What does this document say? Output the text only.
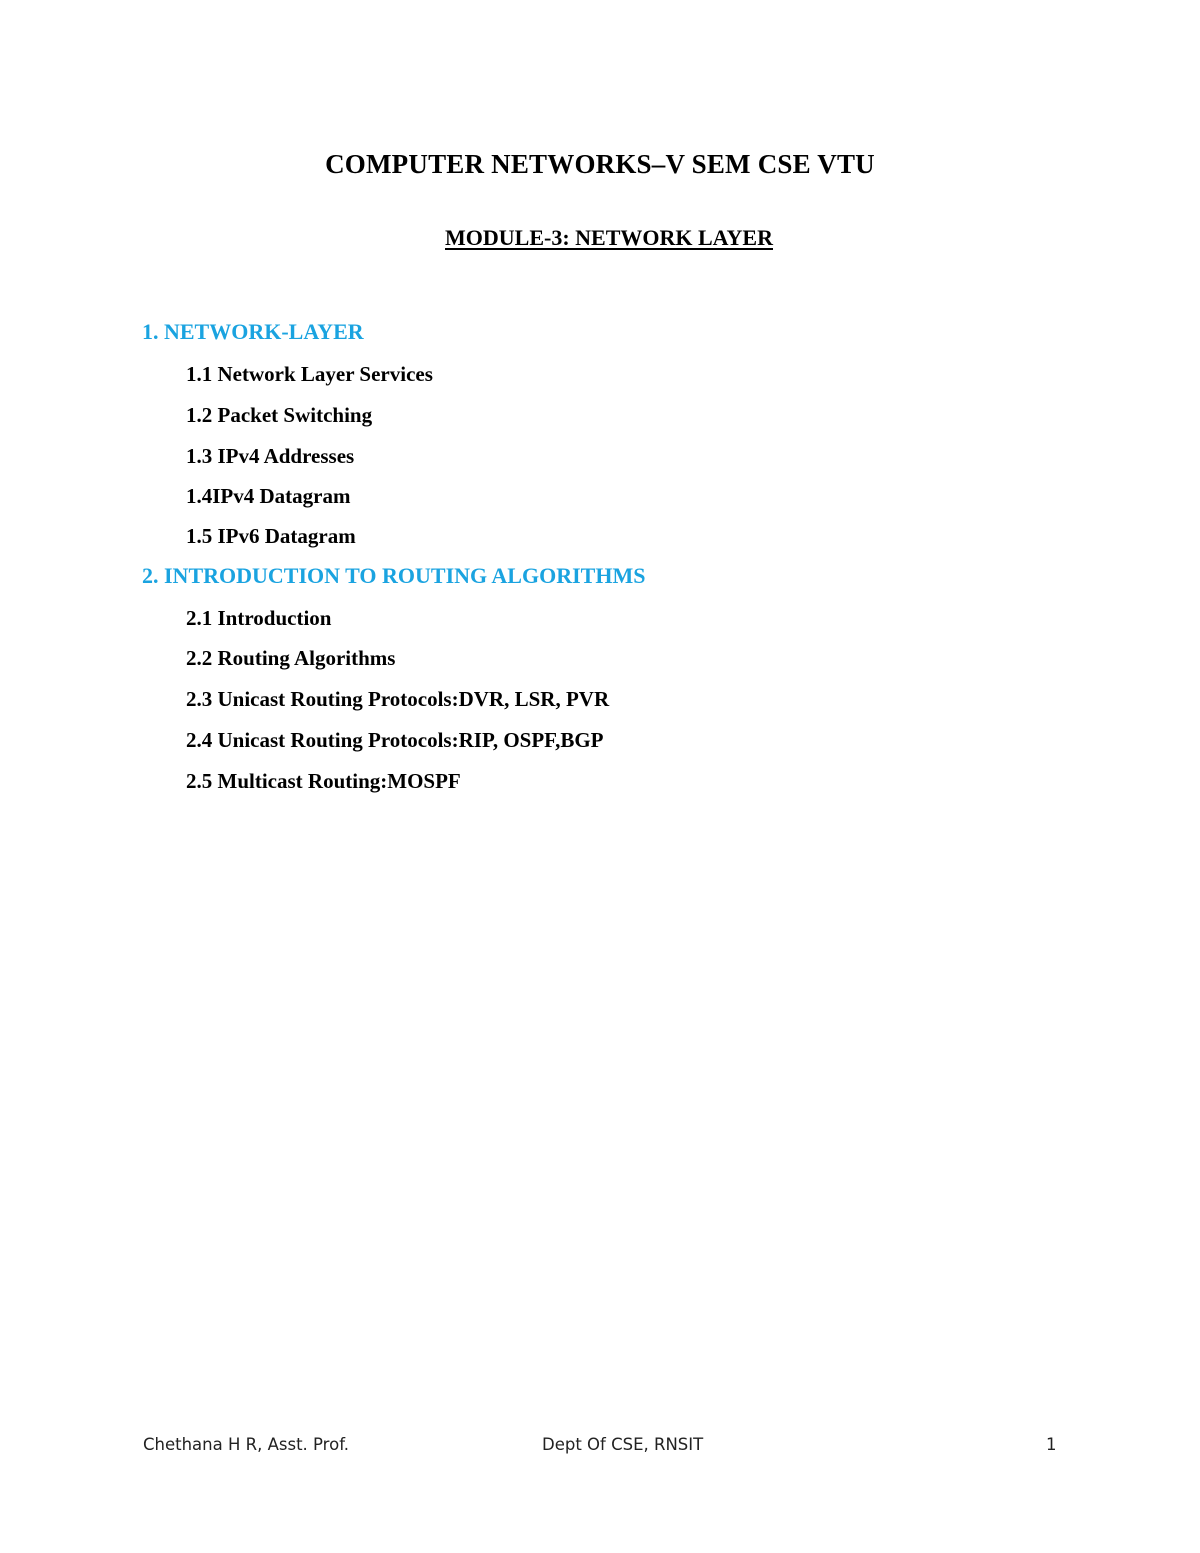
COMPUTER NETWORKS–V SEM CSE VTU
MODULE-3: NETWORK LAYER
1. NETWORK-LAYER
1.1 Network Layer Services
1.2 Packet Switching
1.3 IPv4 Addresses
1.4IPv4 Datagram
1.5 IPv6 Datagram
2. INTRODUCTION TO ROUTING ALGORITHMS
2.1 Introduction
2.2 Routing Algorithms
2.3 Unicast Routing Protocols:DVR, LSR, PVR
2.4 Unicast Routing Protocols:RIP, OSPF,BGP
2.5 Multicast Routing:MOSPF
Chethana H R, Asst. Prof.	Dept Of CSE, RNSIT	1
